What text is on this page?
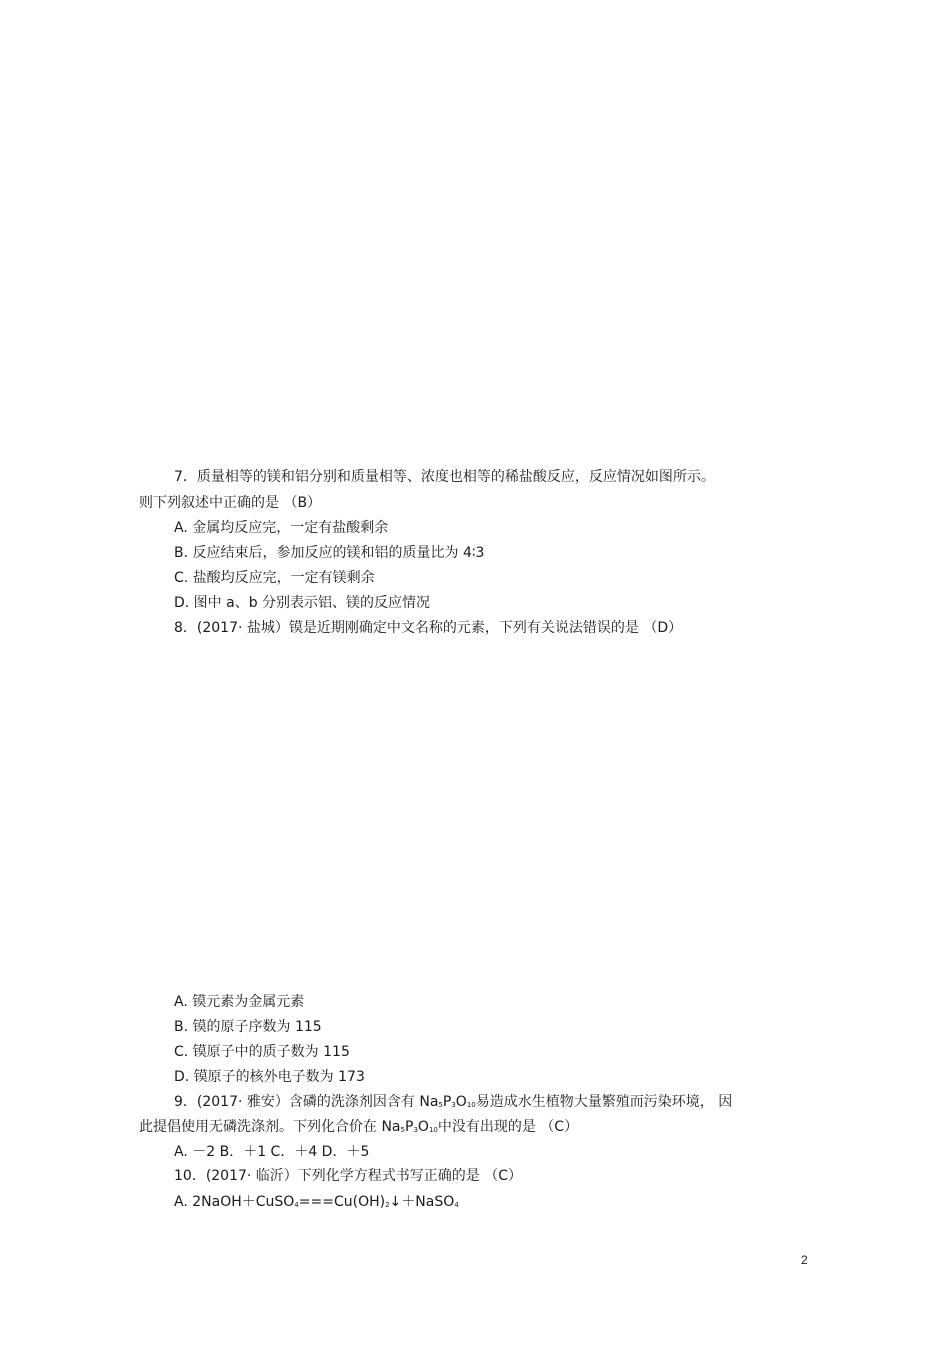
7．质量相等的镁和铝分别和质量相等、浓度也相等的稀盐酸反应，反应情况如图所示。
则下列叙述中正确的是 （B）
A. 金属均反应完，一定有盐酸剩余
B. 反应结束后，参加反应的镁和铝的质量比为 4∶3
C. 盐酸均反应完，一定有镁剩余
D. 图中 a、b 分别表示铝、镁的反应情况
8．(2017· 盐城）镆是近期刚确定中文名称的元素，下列有关说法错误的是 （D）
A. 镆元素为金属元素
B. 镆的原子序数为 115
C. 镆原子中的质子数为 115
D. 镆原子的核外电子数为 173
9．(2017· 雅安）含磷的洗涤剂因含有 Na5P3O10易造成水生植物大量繁殖而污染环境， 因
此提倡使用无磷洗涤剂。下列化合价在 Na5P3O10中没有出现的是 （C）
A. －2 B．＋1 C．＋4 D．＋5
10．(2017· 临沂）下列化学方程式书写正确的是 （C）
A. 2NaOH＋CuSO4===Cu(OH)2↓＋NaSO4
2
